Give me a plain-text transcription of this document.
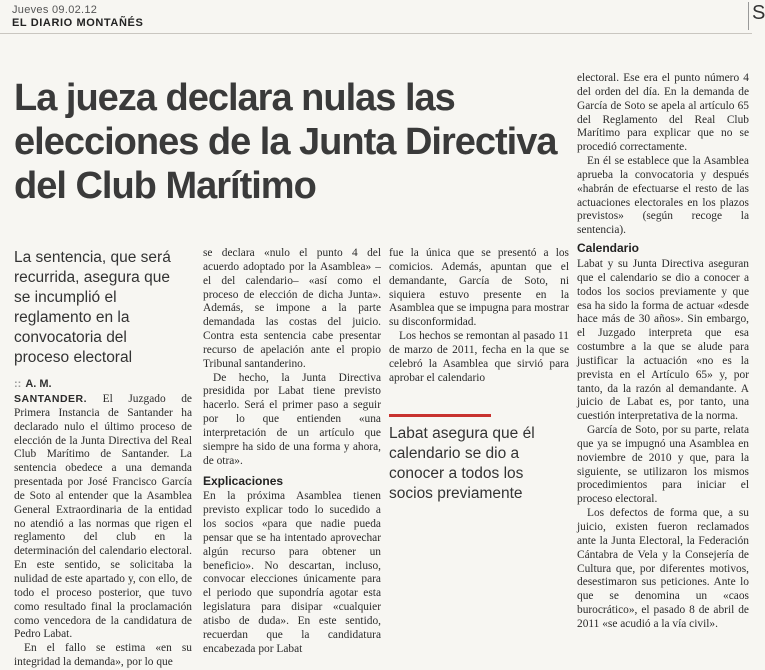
Jueves 09.02.12
EL DIARIO MONTAÑÉS	S
La jueza declara nulas las elecciones de la Junta Directiva del Club Marítimo
La sentencia, que será recurrida, asegura que se incumplió el reglamento en la convocatoria del proceso electoral
:: A. M.

SANTANDER. El Juzgado de Primera Instancia de Santander ha declarado nulo el último proceso de elección de la Junta Directiva del Real Club Marítimo de Santander. La sentencia obedece a una demanda presentada por José Francisco García de Soto al entender que la Asamblea General Extraordinaria de la entidad no atendió a las normas que rigen el reglamento del club en la determinación del calendario electoral. En este sentido, se solicitaba la nulidad de este apartado y, con ello, de todo el proceso posterior, que tuvo como resultado final la proclamación como vencedora de la candidatura de Pedro Labat.

En el fallo se estima «en su integridad la demanda», por lo que

se declara «nulo el punto 4 del acuerdo adoptado por la Asamblea» –el del calendario– «así como el proceso de elección de dicha Junta». Además, se impone a la parte demandada las costas del juicio. Contra esta sentencia cabe presentar recurso de apelación ante el propio Tribunal santanderino.

De hecho, la Junta Directiva presidida por Labat tiene previsto hacerlo. Será el primer paso a seguir por lo que entienden «una interpretación de un artículo que siempre ha sido de una forma y ahora, de otra».

Explicaciones

En la próxima Asamblea tienen previsto explicar todo lo sucedido a los socios «para que nadie pueda pensar que se ha intentado aprovechar algún recurso para obtener un beneficio». No descartan, incluso, convocar elecciones únicamente para el periodo que supondría agotar esta legislatura para disipar «cualquier atisbo de duda». En este sentido, recuerdan que la candidatura encabezada por Labat

fue la única que se presentó a los comicios. Además, apuntan que el demandante, García de Soto, ni siquiera estuvo presente en la Asamblea que se impugna para mostrar su disconformidad.

Los hechos se remontan al pasado 11 de marzo de 2011, fecha en la que se celebró la Asamblea que sirvió para aprobar el calendario

Labat asegura que él calendario se dio a conocer a todos los socios previamente

electoral. Ese era el punto número 4 del orden del día. En la demanda de García de Soto se apela al artículo 65 del Reglamento del Real Club Marítimo para explicar que no se procedió correctamente.

En él se establece que la Asamblea aprueba la convocatoria y después «habrán de efectuarse el resto de las actuaciones electorales en los plazos previstos» (según recoge la sentencia).

Calendario

Labat y su Junta Directiva aseguran que el calendario se dio a conocer a todos los socios previamente y que esa ha sido la forma de actuar «desde hace más de 30 años». Sin embargo, el Juzgado interpreta que esa costumbre a la que se alude para justificar la actuación «no es la prevista en el Artículo 65» y, por tanto, da la razón al demandante. A juicio de Labat es, por tanto, una cuestión interpretativa de la norma.

García de Soto, por su parte, relata que ya se impugnó una Asamblea en noviembre de 2010 y que, para la siguiente, se utilizaron los mismos procedimientos para iniciar el proceso electoral.

Los defectos de forma que, a su juicio, existen fueron reclamados ante la Junta Electoral, la Federación Cántabra de Vela y la Consejería de Cultura que, por diferentes motivos, desestimaron sus peticiones. Ante lo que se denomina un «caos burocrático», el pasado 8 de abril de 2011 «se acudió a la vía civil».
